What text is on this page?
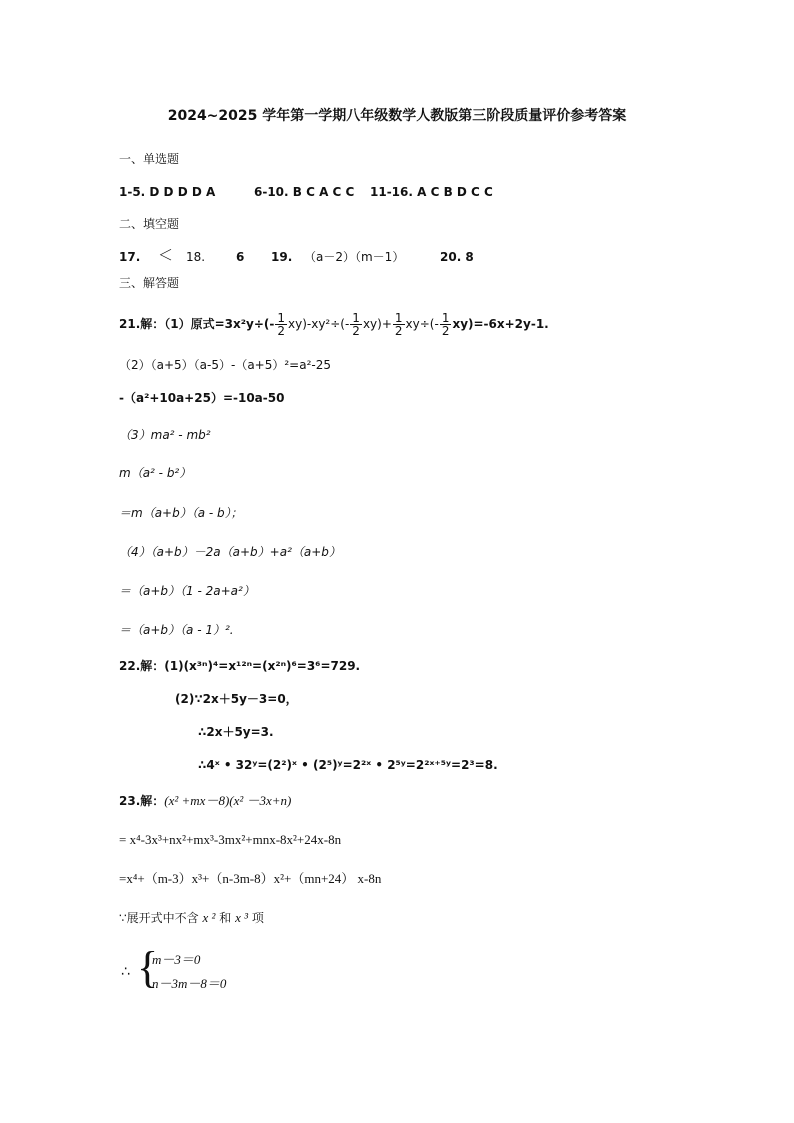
2024~2025 学年第一学期八年级数学人教版第三阶段质量评价参考答案
一、单选题
1-5. D D D D A	6-10. B C A C C 11-16. A C B D C C
二、填空题
17. ＜ 18.	6 19. （a－2）（m－1）	20. 8
三、解答题
21.解：（1）原式$=3x^2y\div(- \frac{1}{2} xy)-xy^2\div(- \frac{1}{2} xy)+ \frac{1}{2} xy\div(- \frac{1}{2} xy)=-6x+2y-1$.
（2）（a+5）（a-5）-（a+5）²=a²-25
-（a²+10a+25）=-10a-50
（3）ma² - mb²
m（a² - b²）
＝m（a+b）（a - b）；
（4）（a+b）－2a（a+b）+a²（a+b）
＝（a+b）（1 - 2a+a²）
＝（a+b）（a - 1）².
22.解：(1)(x³ⁿ)⁴=x¹²ⁿ=(x²ⁿ)⁶=3⁶=729.
(2)∵2x＋5y－3=0，
∴2x＋5y=3.
∴4ˣ • 32ʸ=(2²)ˣ • (2⁵)ʸ=2²ˣ • 2⁵ʸ=2²ˣ⁺⁵ʸ=2³=8.
23.解：(x² +mx－8)(x² －3x+n)
= x⁴-3x³+nx²+mx³-3mx²+mnx-8x²+24x-8n
=x⁴+（m-3）x³+（n-3m-8）x²+（mn+24） x-8n
∵展开式中不含 x ² 和 x ³ 项
∴ {
m－3＝0
n－3m－8＝0
